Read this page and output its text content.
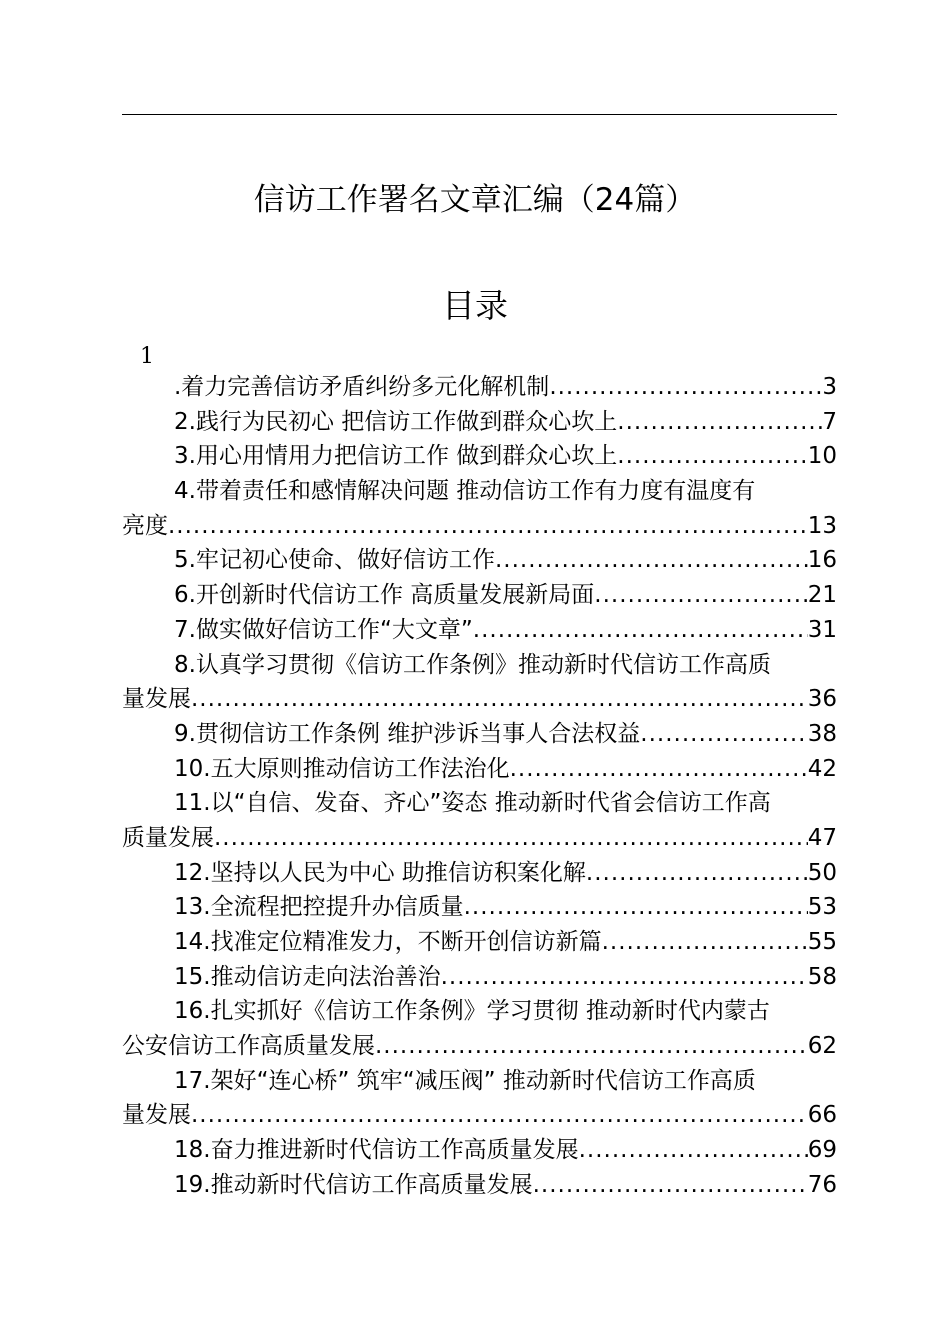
信访工作署名文章汇编（24篇）
目录
1
.着力完善信访矛盾纠纷多元化解机制 .....	3
2.践行为民初心 把信访工作做到群众心坎上 .....	7
3.用心用情用力把信访工作 做到群众心坎上 .....	10
4.带着责任和感情解决问题 推动信访工作有力度有温度有
亮度 .....	13
5.牢记初心使命、做好信访工作 .....	16
6.开创新时代信访工作 高质量发展新局面 .....	21
7.做实做好信访工作“大文章” .....	31
8.认真学习贯彻《信访工作条例》推动新时代信访工作高质
量发展 .....	36
9.贯彻信访工作条例 维护涉诉当事人合法权益 .....	38
10.五大原则推动信访工作法治化 .....	42
11.以“自信、发奋、齐心”姿态 推动新时代省会信访工作高
质量发展 .....	47
12.坚持以人民为中心 助推信访积案化解 .....	50
13.全流程把控提升办信质量 .....	53
14.找准定位精准发力，不断开创信访新篇 .....	55
15.推动信访走向法治善治 .....	58
16.扎实抓好《信访工作条例》学习贯彻 推动新时代内蒙古
公安信访工作高质量发展 .....	62
17.架好“连心桥” 筑牢“减压阀” 推动新时代信访工作高质
量发展 .....	66
18.奋力推进新时代信访工作高质量发展 .....	69
19.推动新时代信访工作高质量发展 .....	76
